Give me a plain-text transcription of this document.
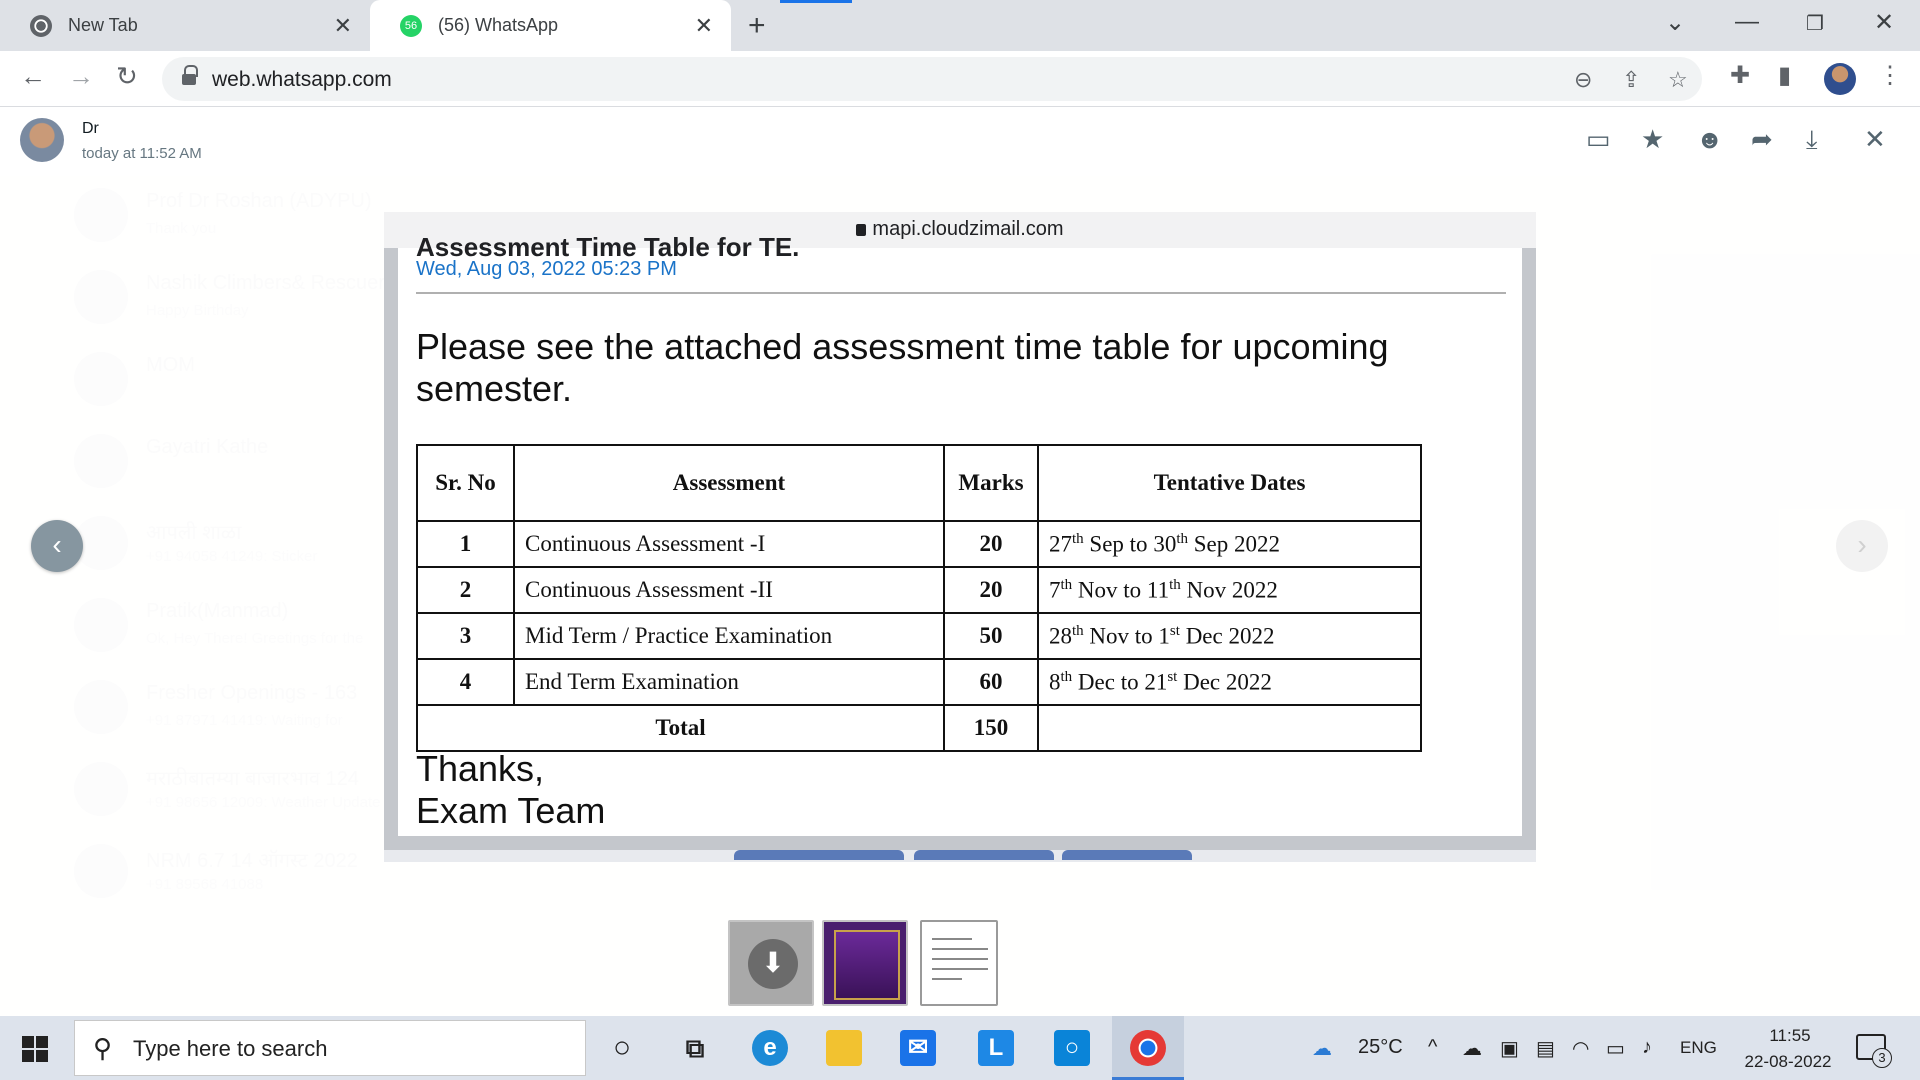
New Tab	✕	56 (56) WhatsApp	✕ +	⌄ — ❐ ✕
← → ↻	web.whatsapp.com	⊖ ⇪ ☆ ✚ ▮	⋮
Dr
today at 11:52 AM	▭ ★ ☻ ➦ ⤓ ✕
‹	›
mapi.cloudzimail.com
Assessment Time Table for TE.
Wed, Aug 03, 2022 05:23 PM
Please see the attached assessment time table for upcoming semester.
Sr. No	Assessment	Marks	Tentative Dates
1	Continuous Assessment -I	20	27th Sep to 30th Sep 2022
2	Continuous Assessment -II	20	7th Nov to 11th Nov 2022
3	Mid Term / Practice Examination	50	28th Nov to 1st Dec 2022
4	End Term Examination	60	8th Dec to 21st Dec 2022
Total		150	
Thanks,
Exam Team
⬇
⚲ Type here to search	○	⧉	e	✉	L	○	☁ 25°C ^ ☁ ▣ ▤ ◠ ▭ ♪ ENG
11:55
22-08-2022	3
